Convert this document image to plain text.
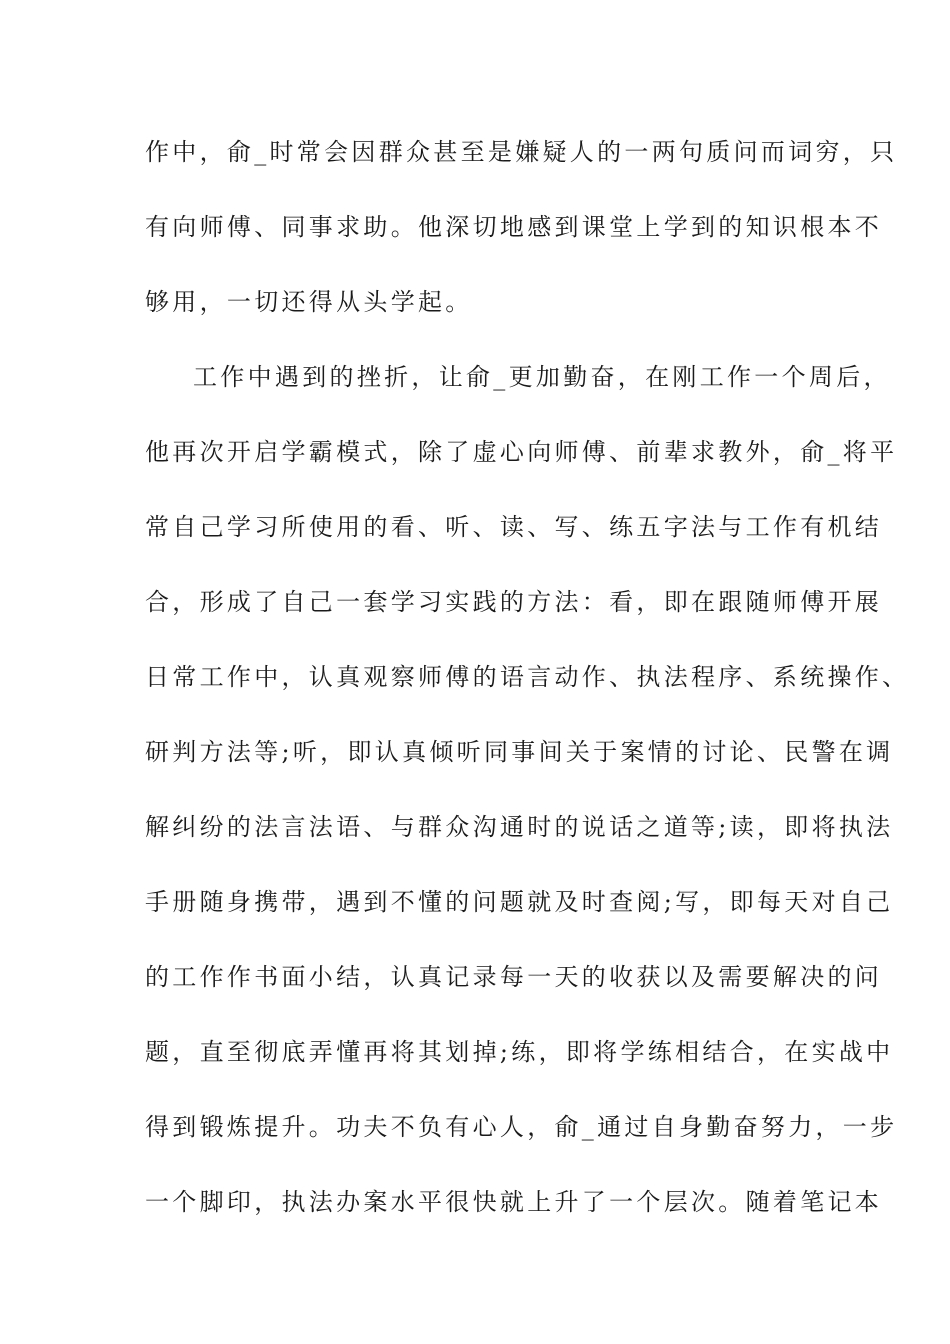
作中，俞_时常会因群众甚至是嫌疑人的一两句质问而词穷，只
有向师傅、同事求助。他深切地感到课堂上学到的知识根本不
够用，一切还得从头学起。
工作中遇到的挫折，让俞_更加勤奋，在刚工作一个周后，
他再次开启学霸模式，除了虚心向师傅、前辈求教外，俞_将平
常自己学习所使用的看、听、读、写、练五字法与工作有机结
合，形成了自己一套学习实践的方法：看，即在跟随师傅开展
日常工作中，认真观察师傅的语言动作、执法程序、系统操作、
研判方法等;听，即认真倾听同事间关于案情的讨论、民警在调
解纠纷的法言法语、与群众沟通时的说话之道等;读，即将执法
手册随身携带，遇到不懂的问题就及时查阅;写，即每天对自己
的工作作书面小结，认真记录每一天的收获以及需要解决的问
题，直至彻底弄懂再将其划掉;练，即将学练相结合，在实战中
得到锻炼提升。功夫不负有心人，俞_通过自身勤奋努力，一步
一个脚印，执法办案水平很快就上升了一个层次。随着笔记本
